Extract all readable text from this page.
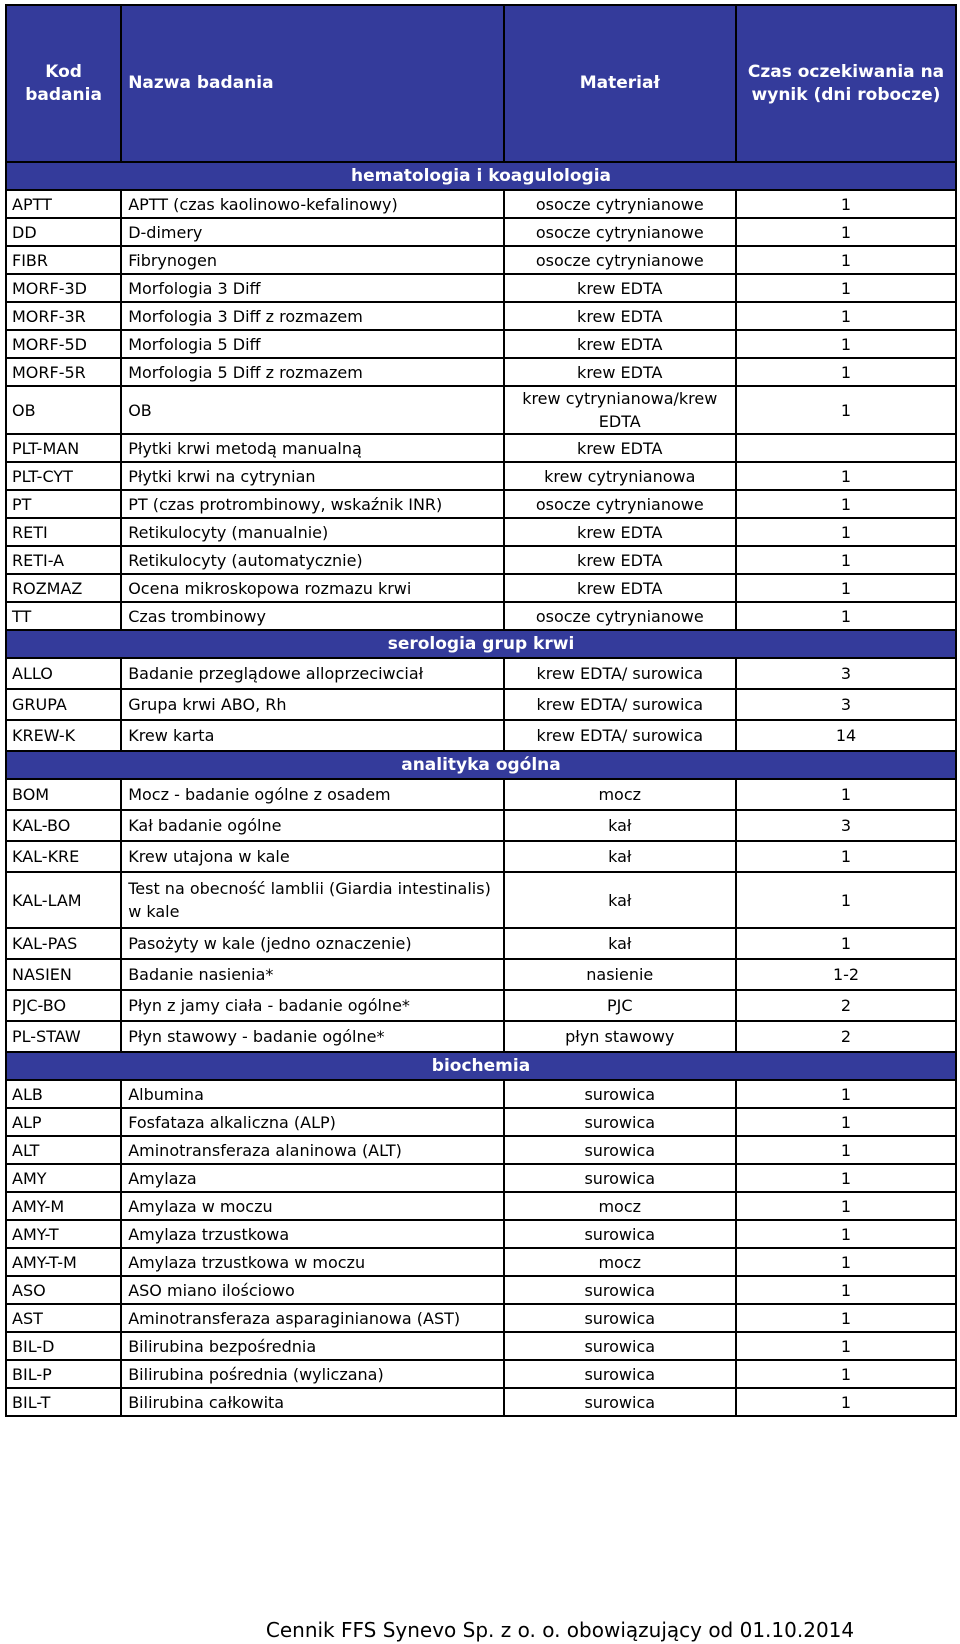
Kod badania	Nazwa badania	Materiał	Czas oczekiwania na wynik (dni robocze)
hematologia i koagulologia			
APTT	APTT (czas kaolinowo-kefalinowy)	osocze cytrynianowe	1
DD	D-dimery	osocze cytrynianowe	1
FIBR	Fibrynogen	osocze cytrynianowe	1
MORF-3D	Morfologia 3 Diff	krew EDTA	1
MORF-3R	Morfologia 3 Diff z rozmazem	krew EDTA	1
MORF-5D	Morfologia 5 Diff	krew EDTA	1
MORF-5R	Morfologia 5 Diff z rozmazem	krew EDTA	1
OB	OB	krew cytrynianowa/krew EDTA	1
PLT-MAN	Płytki krwi metodą manualną	krew EDTA	
PLT-CYT	Płytki krwi na cytrynian	krew cytrynianowa	1
PT	PT (czas protrombinowy, wskaźnik INR)	osocze cytrynianowe	1
RETI	Retikulocyty (manualnie)	krew EDTA	1
RETI-A	Retikulocyty (automatycznie)	krew EDTA	1
ROZMAZ	Ocena mikroskopowa rozmazu krwi	krew EDTA	1
TT	Czas trombinowy	osocze cytrynianowe	1
serologia grup krwi			
ALLO	Badanie przeglądowe alloprzeciwciał	krew EDTA/ surowica	3
GRUPA	Grupa krwi ABO, Rh	krew EDTA/ surowica	3
KREW-K	Krew karta	krew EDTA/ surowica	14
analityka ogólna			
BOM	Mocz - badanie ogólne z osadem	mocz	1
KAL-BO	Kał badanie ogólne	kał	3
KAL-KRE	Krew utajona w kale	kał	1
KAL-LAM	Test na obecność lamblii (Giardia intestinalis) w kale	kał	1
KAL-PAS	Pasożyty w kale (jedno oznaczenie)	kał	1
NASIEN	Badanie nasienia*	nasienie	1-2
PJC-BO	Płyn z jamy ciała - badanie ogólne*	PJC	2
PL-STAW	Płyn stawowy - badanie ogólne*	płyn stawowy	2
biochemia			
ALB	Albumina	surowica	1
ALP	Fosfataza alkaliczna (ALP)	surowica	1
ALT	Aminotransferaza alaninowa (ALT)	surowica	1
AMY	Amylaza	surowica	1
AMY-M	Amylaza w moczu	mocz	1
AMY-T	Amylaza trzustkowa	surowica	1
AMY-T-M	Amylaza trzustkowa w moczu	mocz	1
ASO	ASO miano ilościowo	surowica	1
AST	Aminotransferaza asparaginianowa (AST)	surowica	1
BIL-D	Bilirubina bezpośrednia	surowica	1
BIL-P	Bilirubina pośrednia (wyliczana)	surowica	1
BIL-T	Bilirubina całkowita	surowica	1
Cennik FFS Synevo Sp. z o. o. obowiązujący od 01.10.2014
